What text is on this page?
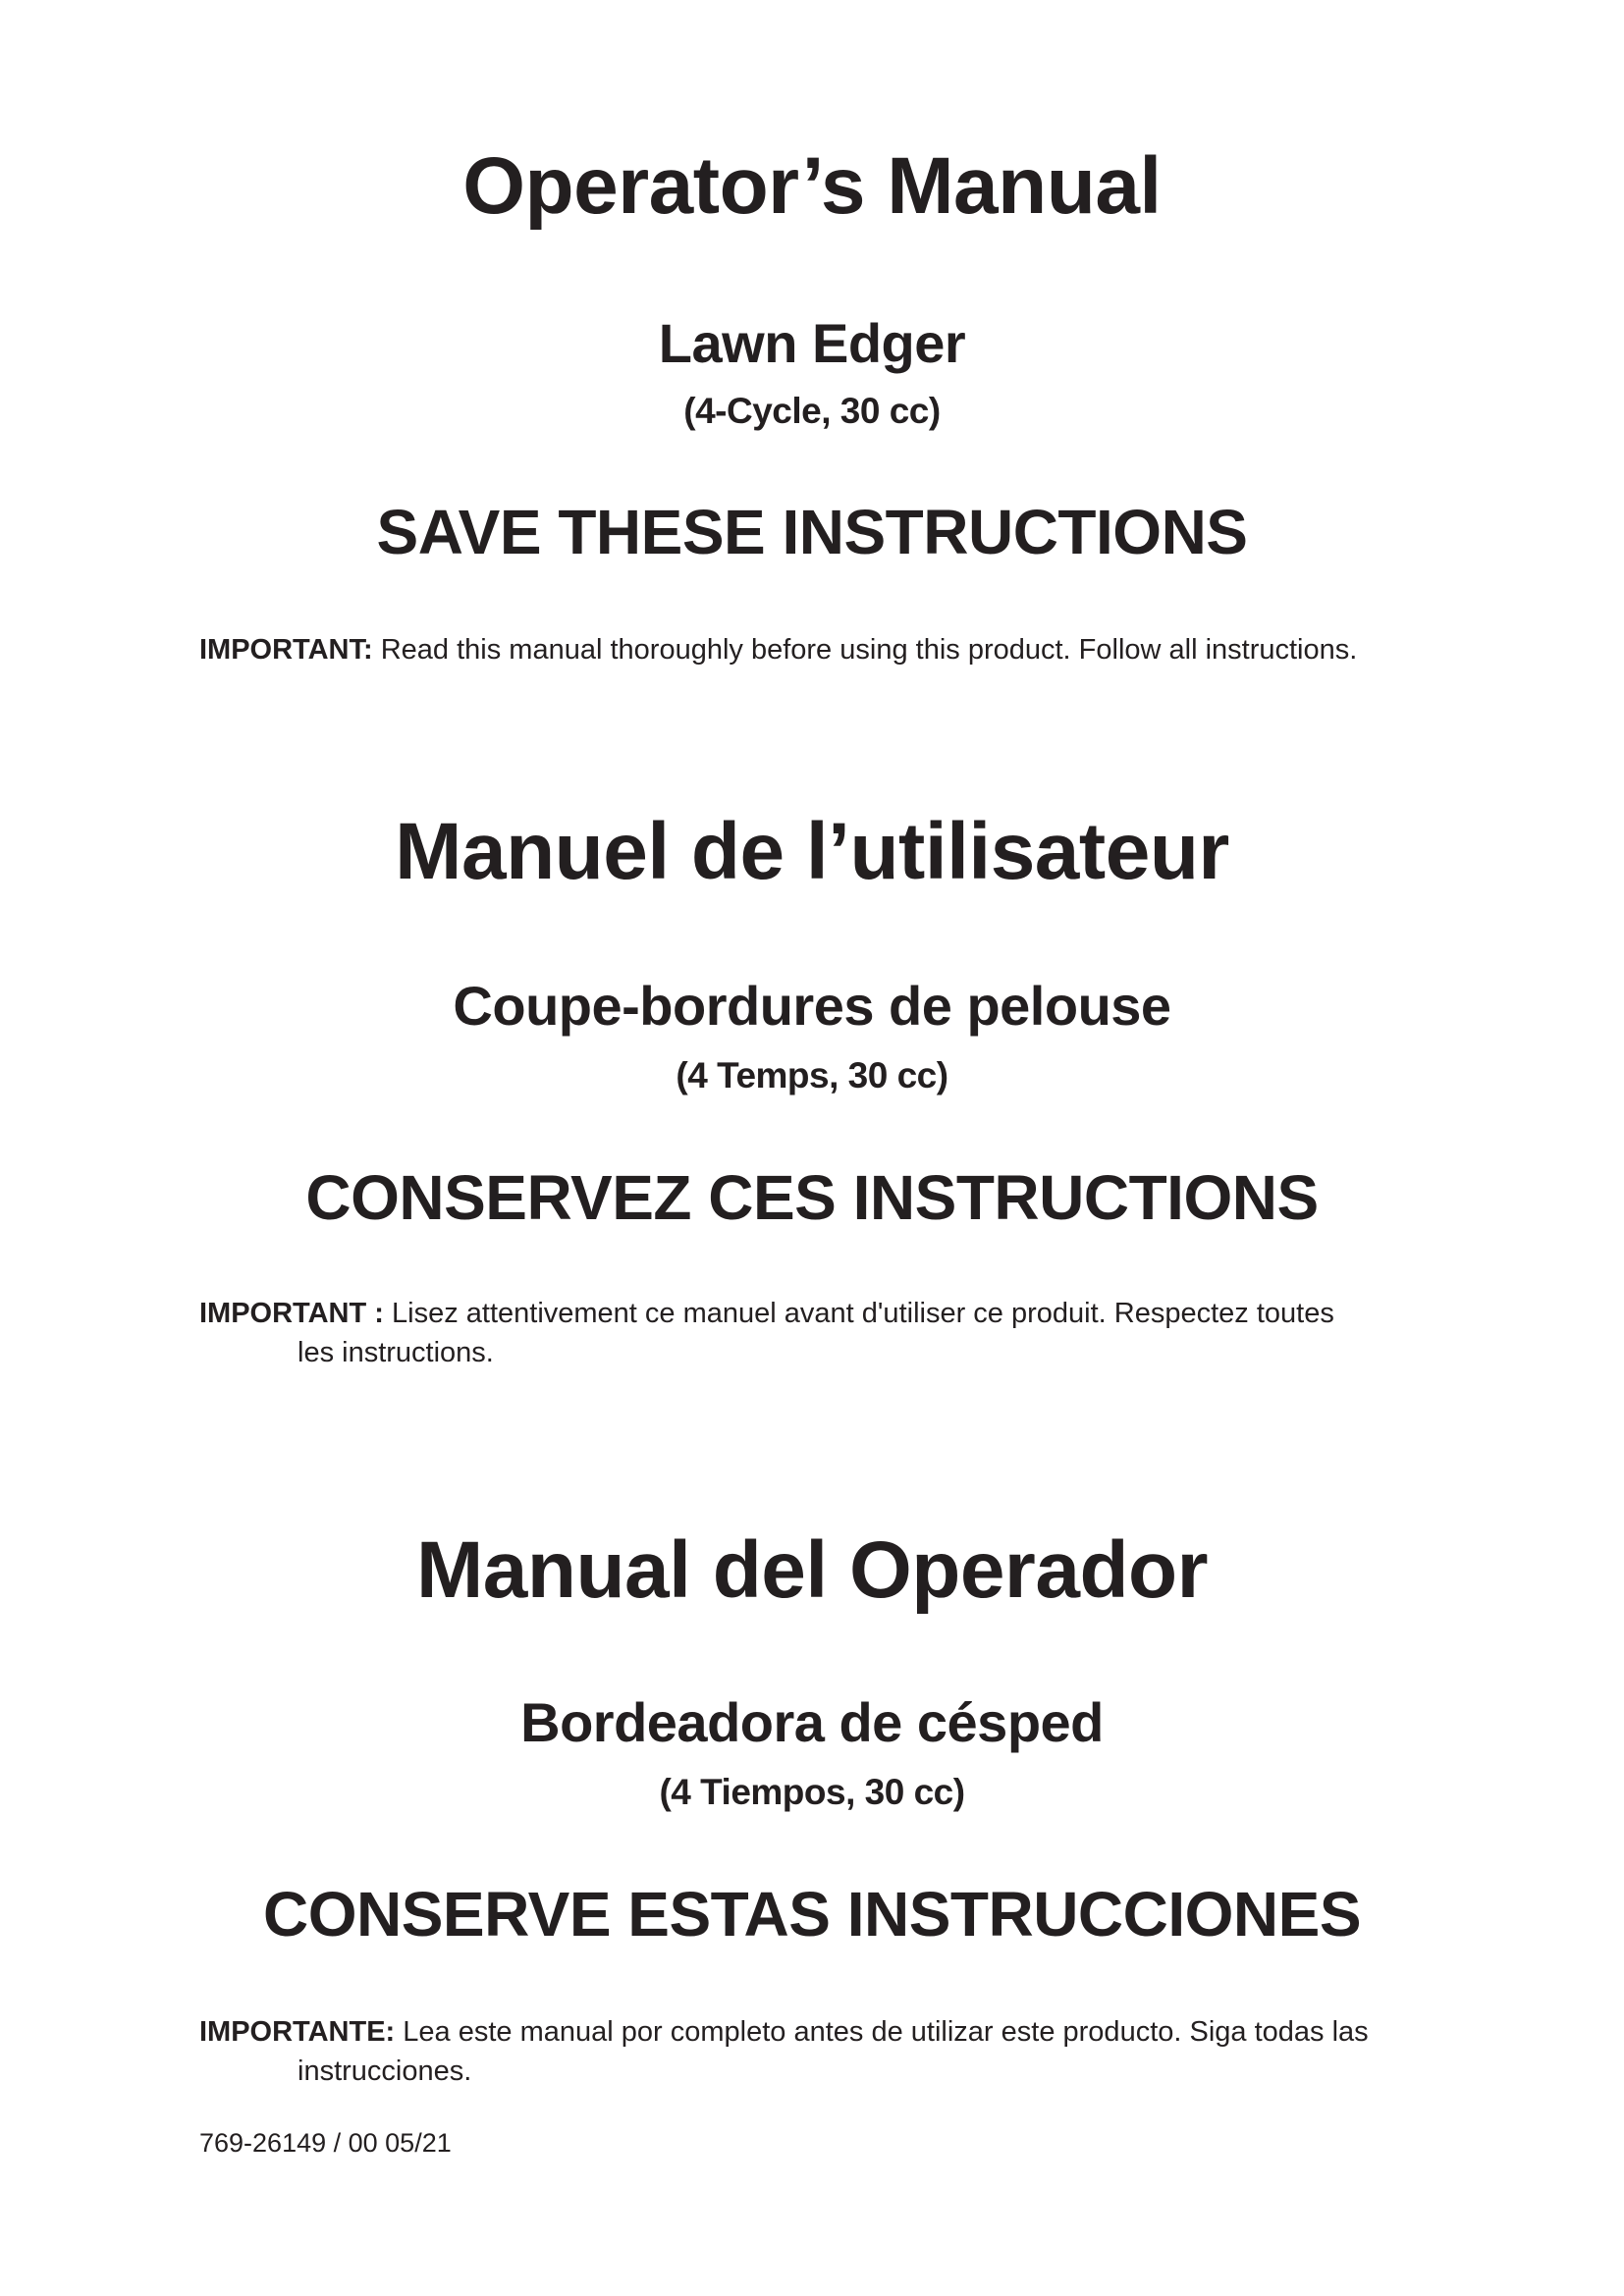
Operator’s Manual
Lawn Edger
(4-Cycle, 30 cc)
SAVE THESE INSTRUCTIONS
IMPORTANT: Read this manual thoroughly before using this product. Follow all instructions.
Manuel de l’utilisateur
Coupe-bordures de pelouse
(4 Temps, 30 cc)
CONSERVEZ CES INSTRUCTIONS
IMPORTANT : Lisez attentivement ce manuel avant d'utiliser ce produit. Respectez toutes
les instructions.
Manual del Operador
Bordeadora de césped
(4 Tiempos, 30 cc)
CONSERVE ESTAS INSTRUCCIONES
IMPORTANTE: Lea este manual por completo antes de utilizar este producto. Siga todas las
instrucciones.
769-26149 / 00 05/21
